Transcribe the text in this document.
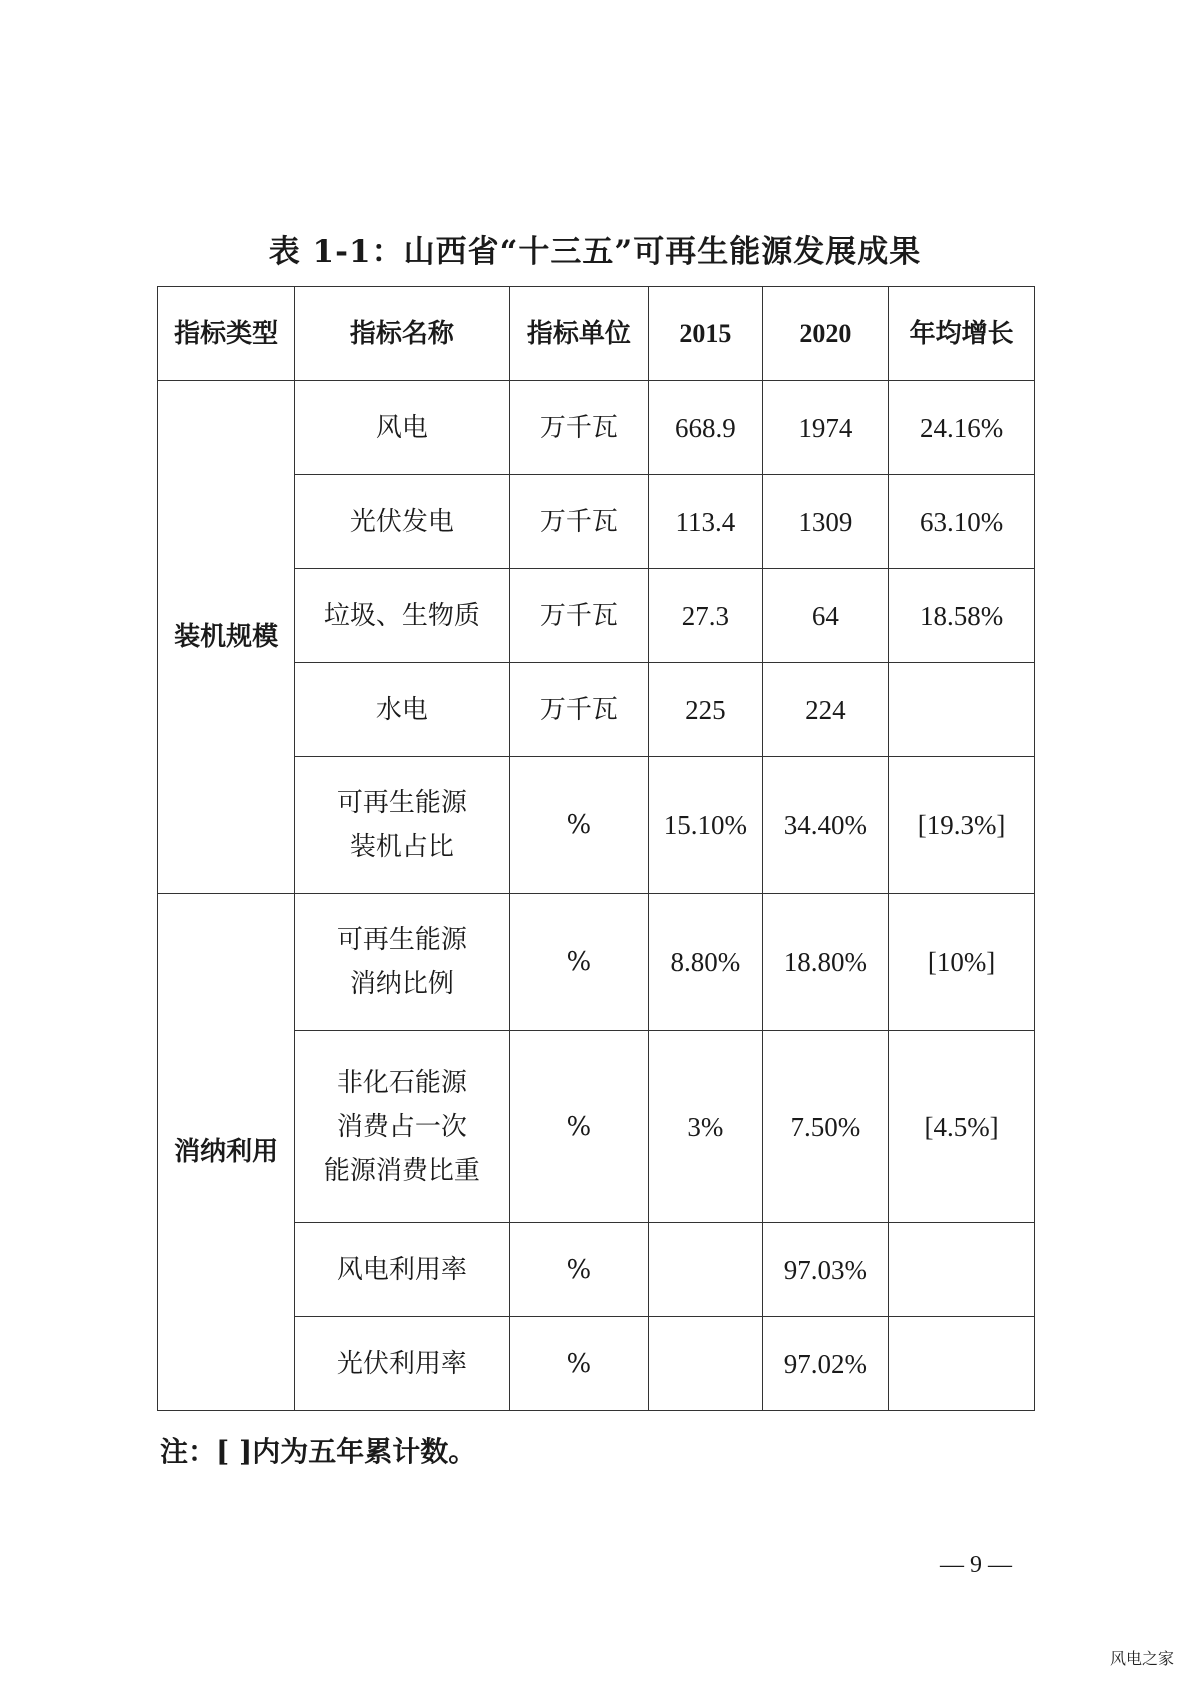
表 1-1：山西省“十三五”可再生能源发展成果
指标类型	指标名称	指标单位	2015	2020	年均增长
装机规模	风电	万千瓦	668.9	1974	24.16%

	光伏发电	万千瓦	113.4	1309	63.10%

	垃圾、生物质	万千瓦	27.3	64	18.58%

	水电	万千瓦	225	224	

	可再生能源
装机占比	%	15.10%	34.40%	[19.3%]
消纳利用	可再生能源
消纳比例	%	8.80%	18.80%	[10%]

	非化石能源
消费占一次
能源消费比重	%	3%	7.50%	[4.5%]

	风电利用率	%		97.03%	

	光伏利用率	%		97.02%	

注：[ ]内为五年累计数。

— 9 —
风电之家
